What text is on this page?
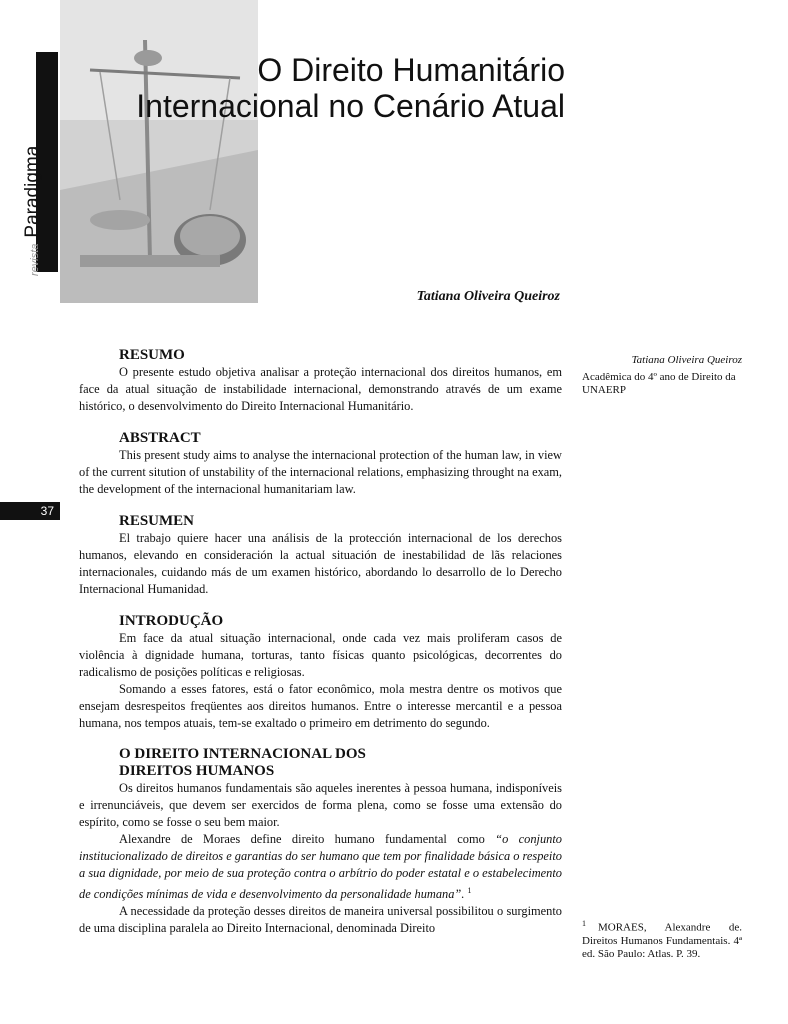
revistaParadigma
O Direito Humanitário
Internacional no Cenário Atual
Tatiana Oliveira Queiroz
37
RESUMO

O presente estudo objetiva analisar a proteção internacional dos direitos humanos, em face da atual situação de instabilidade internacional, demonstrando através de um exame histórico, o desenvolvimento do Direito Internacional Humanitário.

ABSTRACT

This present study aims to analyse the internacional protection of the human law, in view of the current sitution of unstability of the internacional relations, emphasizing throught na exam, the development of the internacional humanitariam law.

RESUMEN

El trabajo quiere hacer una análisis de la protección internacional de los derechos humanos, elevando en consideración la actual situación de inestabilidad de lãs relaciones internacionales, cuidando más de um examen histórico, abordando lo desarrollo de lo Derecho Internacional Humanidad.

INTRODUÇÃO

Em face da atual situação internacional, onde cada vez mais proliferam casos de violência à dignidade humana, torturas, tanto físicas quanto psicológicas, decorrentes do radicalismo de posições políticas e religiosas.

Somando a esses fatores, está o fator econômico, mola mestra dentre os motivos que ensejam desrespeitos freqüentes aos direitos humanos. Entre o interesse mercantil e a pessoa humana, nos tempos atuais, tem-se exaltado o primeiro em detrimento do segundo.

O DIREITO INTERNACIONAL DOS
DIREITOS HUMANOS

Os direitos humanos fundamentais são aqueles inerentes à pessoa humana, indisponíveis e irrenunciáveis, que devem ser exercidos de forma plena, como se fosse uma extensão do espírito, como se fosse o seu bem maior.

Alexandre de Moraes define direito humano fundamental como “o conjunto institucionalizado de direitos e garantias do ser humano que tem por finalidade básica o respeito a sua dignidade, por meio de sua proteção contra o arbítrio do poder estatal e o estabelecimento de condições mínimas de vida e desenvolvimento da personalidade humana”. $^1$

A necessidade da proteção desses direitos de maneira universal possibilitou o surgimento de uma disciplina paralela ao Direito Internacional, denominada Direito

Tatiana Oliveira Queiroz
Acadêmica do 4º ano de Direito da UNAERP
$^1$ MORAES, Alexandre de. Direitos Humanos Fundamentais. 4ª ed. São Paulo: Atlas. P. 39.
